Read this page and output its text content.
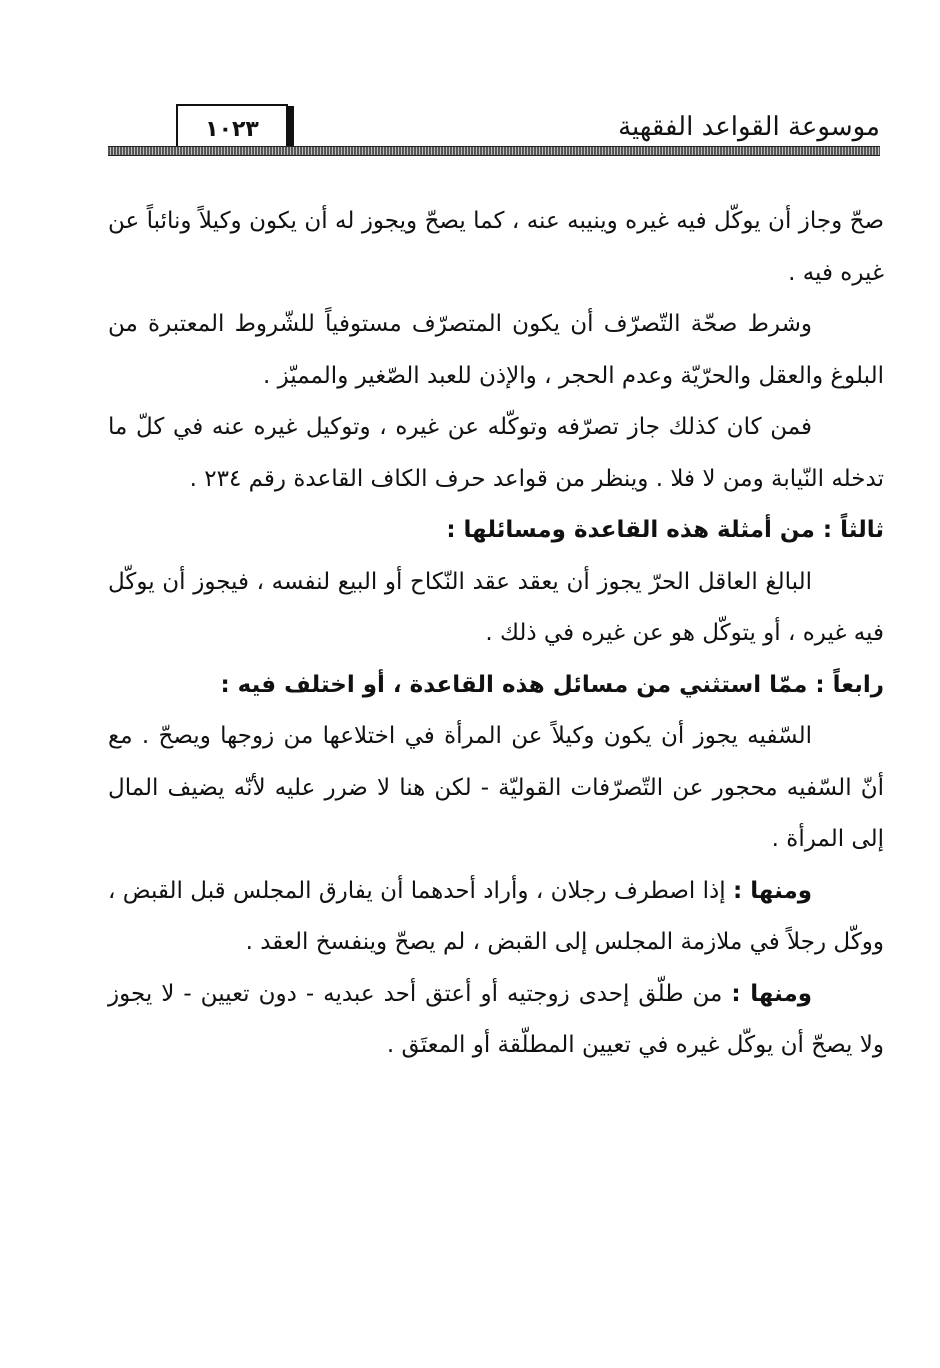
موسوعة القواعد الفقهية
١٠٢٣

صحّ وجاز أن يوكّل فيه غيره وينيبه عنه ، كما يصحّ ويجوز له أن يكون وكيلاً ونائباً عن غيره فيه .

وشرط صحّة التّصرّف أن يكون المتصرّف مستوفياً للشّروط المعتبرة من البلوغ والعقل والحرّيّة وعدم الحجر ، والإذن للعبد الصّغير والمميّز .

فمن كان كذلك جاز تصرّفه وتوكّله عن غيره ، وتوكيل غيره عنه في كلّ ما تدخله النّيابة ومن لا فلا . وينظر من قواعد حرف الكاف القاعدة رقم ٢٣٤ .

ثالثاً : من أمثلة هذه القاعدة ومسائلها :

البالغ العاقل الحرّ يجوز أن يعقد عقد النّكاح أو البيع لنفسه ، فيجوز أن يوكّل فيه غيره ، أو يتوكّل هو عن غيره في ذلك .

رابعاً : ممّا استثني من مسائل هذه القاعدة ، أو اختلف فيه :

السّفيه يجوز أن يكون وكيلاً عن المرأة في اختلاعها من زوجها ويصحّ . مع أنّ السّفيه محجور عن التّصرّفات القوليّة - لكن هنا لا ضرر عليه لأنّه يضيف المال إلى المرأة .

ومنها : إذا اصطرف رجلان ، وأراد أحدهما أن يفارق المجلس قبل القبض ، ووكّل رجلاً في ملازمة المجلس إلى القبض ، لم يصحّ وينفسخ العقد .

ومنها : من طلّق إحدى زوجتيه أو أعتق أحد عبديه - دون تعيين - لا يجوز ولا يصحّ أن يوكّل غيره في تعيين المطلّقة أو المعتَق .
